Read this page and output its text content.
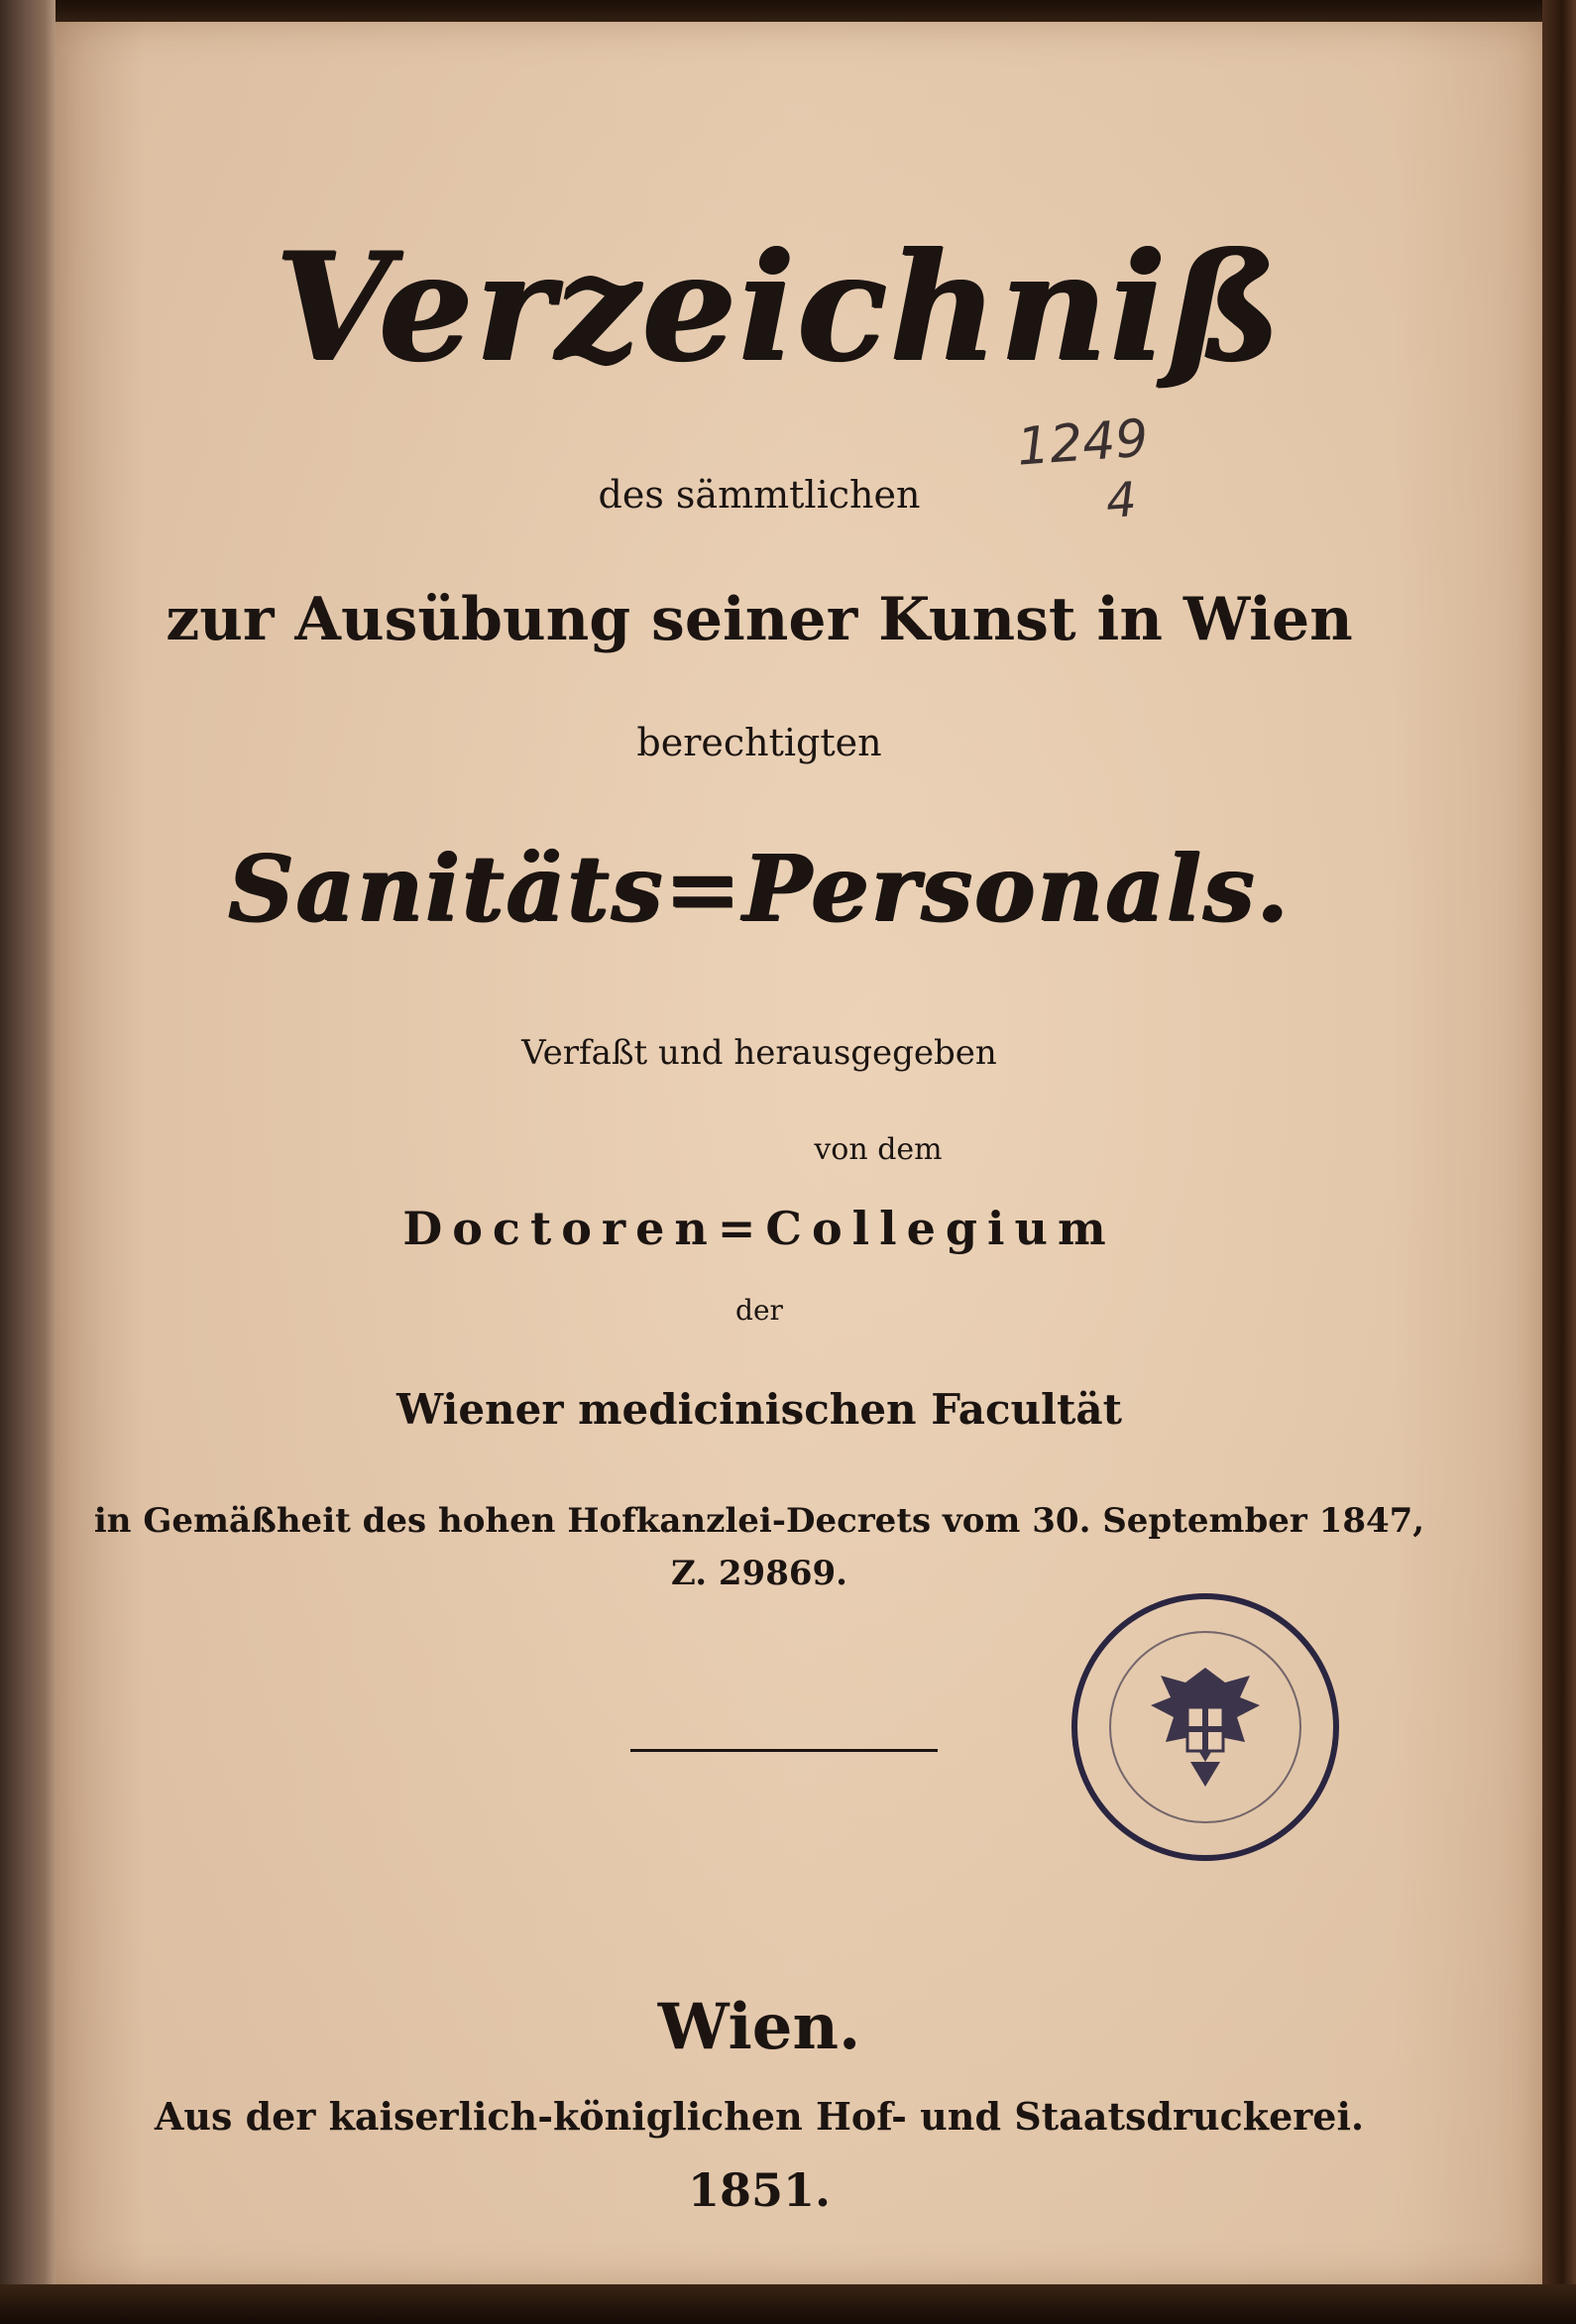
1249
4
Verzeichniß
des sämmtlichen
zur Ausübung seiner Kunst in Wien
berechtigten
Sanitäts=Personals.
Verfaßt und herausgegeben
von dem
Doctoren=Collegium
der
Wiener medicinischen Facultät
in Gemäßheit des hohen Hofkanzlei-Decrets vom 30. September 1847,
Z. 29869.
Wien.
Aus der kaiserlich-königlichen Hof- und Staatsdruckerei.
1851.
